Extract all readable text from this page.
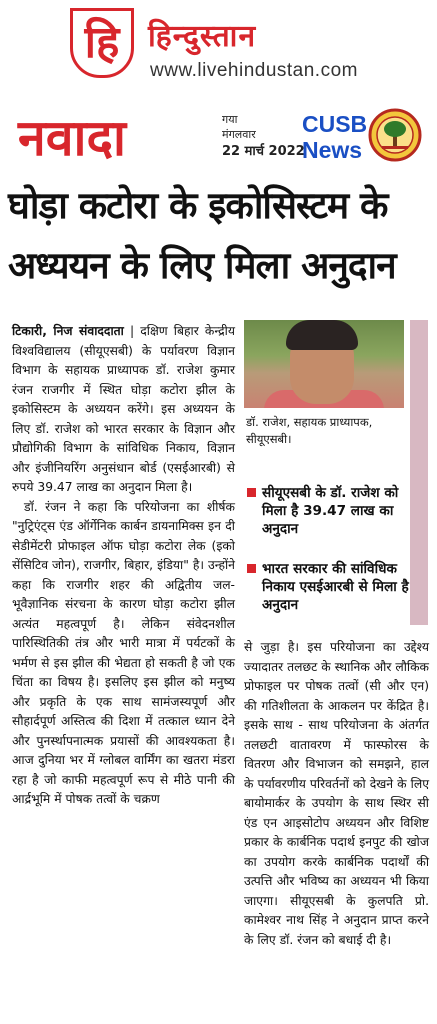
हि हिन्दुस्तान
www.livehindustan.com
नवादा	गया
मंगलवार
22 मार्च 2022
CUSB
News
घोड़ा कटोरा के इकोसिस्टम के अध्ययन के लिए मिला अनुदान

टिकारी, निज संवाददाता | दक्षिण बिहार केन्द्रीय विश्वविद्यालय (सीयूएसबी) के पर्यावरण विज्ञान विभाग के सहायक प्राध्यापक डॉ. राजेश कुमार रंजन राजगीर में स्थित घोड़ा कटोरा झील के इकोसिस्टम के अध्ययन करेंगे। इस अध्ययन के लिए डॉ. राजेश को भारत सरकार के विज्ञान और प्रौद्योगिकी विभाग के सांविधिक निकाय, विज्ञान और इंजीनियरिंग अनुसंधान बोर्ड (एसईआरबी) से रुपये 39.47 लाख का अनुदान मिला है।

डॉ. रंजन ने कहा कि परियोजना का शीर्षक "नुट्रिएंट्स एंड ऑर्गेनिक कार्बन डायनामिक्स इन दी सेडीमेंटरी प्रोफाइल ऑफ घोड़ा कटोरा लेक (इको सेंसिटिव जोन), राजगीर, बिहार, इंडिया" है। उन्होंने कहा कि राजगीर शहर की अद्वितीय जल-भूवैज्ञानिक संरचना के कारण घोड़ा कटोरा झील अत्यंत महत्वपूर्ण है। लेकिन संवेदनशील पारिस्थितिकी तंत्र और भारी मात्रा में पर्यटकों के भर्मण से इस झील की भेद्यता हो सकती है जो एक चिंता का विषय है। इसलिए इस झील को मनुष्य और प्रकृति के एक साथ सामंजस्यपूर्ण और सौहार्दपूर्ण अस्तित्व की दिशा में तत्काल ध्यान देने और पुनर्स्थापनात्मक प्रयासों की आवश्यकता है। आज दुनिया भर में ग्लोबल वार्मिंग का खतरा मंडरा रहा है जो काफी महत्वपूर्ण रूप से मीठे पानी की आर्द्रभूमि में पोषक तत्वों के चक्रण

डॉ. राजेश, सहायक प्राध्यापक, सीयूएसबी।
सीयूएसबी के डॉ. राजेश को मिला है 39.47 लाख का अनुदान
भारत सरकार की सांविधिक निकाय एसईआरबी से मिला है अनुदान

से जुड़ा है। इस परियोजना का उद्देश्य ज्यादातर तलछट के स्थानिक और लौकिक प्रोफाइल पर पोषक तत्वों (सी और एन) की गतिशीलता के आकलन पर केंद्रित है। इसके साथ - साथ परियोजना के अंतर्गत तलछटी वातावरण में फास्फोरस के वितरण और विभाजन को समझने, हाल के पर्यावरणीय परिवर्तनों को देखने के लिए बायोमार्कर के उपयोग के साथ स्थिर सी एंड एन आइसोटोप अध्ययन और विशिष्ट प्रकार के कार्बनिक पदार्थ इनपुट की खोज का उपयोग करके कार्बनिक पदार्थों की उत्पत्ति और भविष्य का अध्ययन भी किया जाएगा। सीयूएसबी के कुलपति प्रो. कामेश्वर नाथ सिंह ने अनुदान प्राप्त करने के लिए डॉ. रंजन को बधाई दी है।
